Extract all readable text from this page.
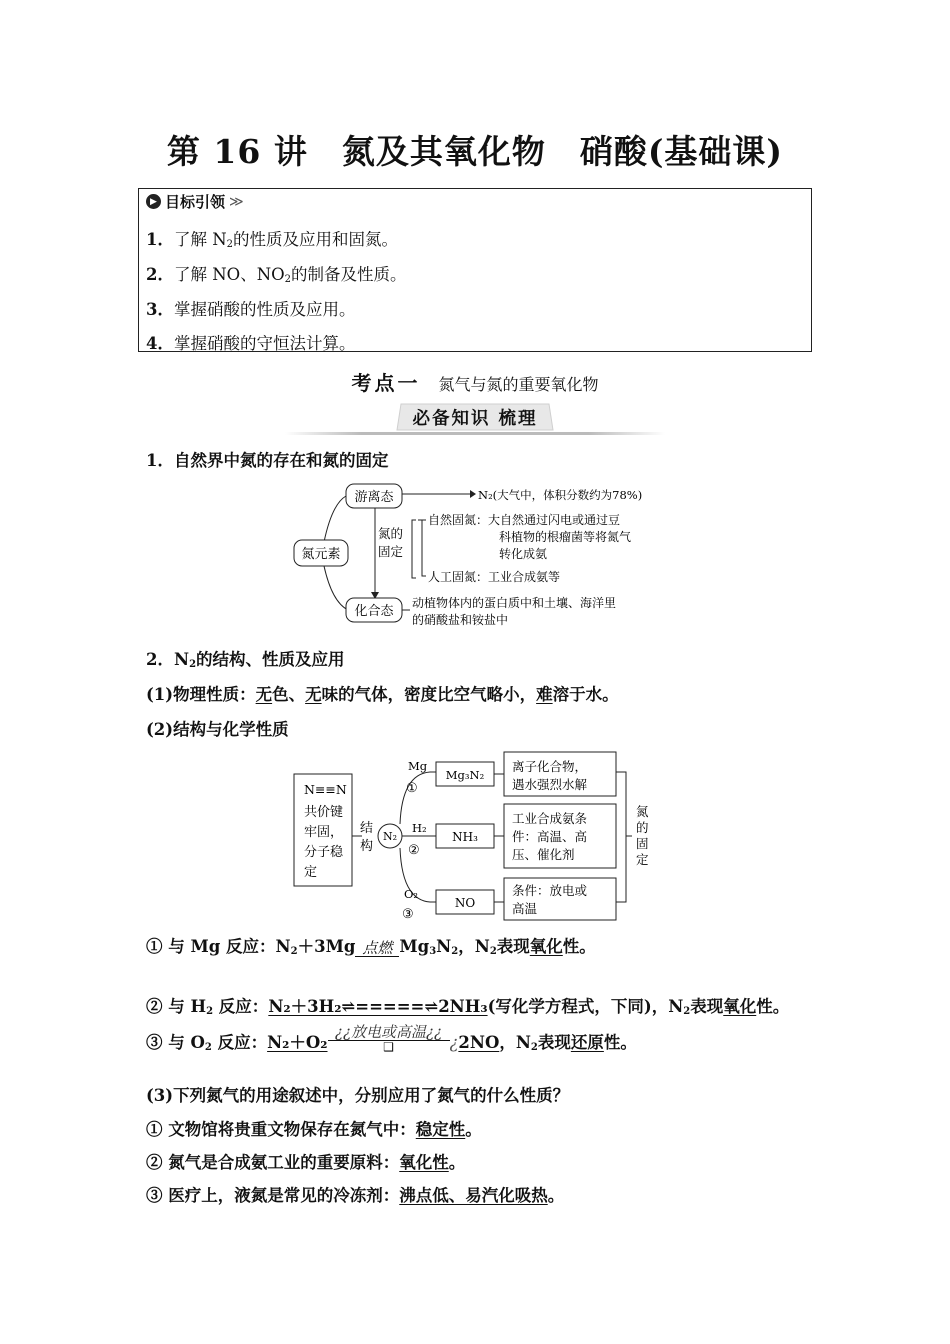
第 16 讲　氮及其氧化物　硝酸(基础课)
▶ 目标引领 ≫
1．了解 $N_2$的性质及应用和固氮。
2．了解 NO、$NO_2$的制备及性质。
3．掌握硝酸的性质及应用。
4．掌握硝酸的守恒法计算。
考点一 氮气与氮的重要氧化物
必备知识 梳理
1．自然界中氮的存在和氮的固定
氮元素
游离态	N₂(大气中，体积分数约为78%)
氮的
固定
自然固氮：大自然通过闪电或通过豆
科植物的根瘤菌等将氮气
转化成氨
人工固氮：工业合成氨等
化合态
动植物体内的蛋白质中和土壤、海洋里
的硝酸盐和铵盐中
2．$N_2$的结构、性质及应用
(1)物理性质：无色、无味的气体，密度比空气略小，难溶于水。
(2)结构与化学性质
N₂
N≡≡N
共价键
牢固，
分子稳
定
结
构
Mg
①
Mg₃N₂
离子化合物，
遇水强烈水解
H₂
②
NH₃
工业合成氨条
件：高温、高
压、催化剂
O₂
③
NO
条件：放电或
高温
氮
的
固
定
① 与 Mg 反应：$N_2+3Mg$ 点燃 $Mg_3N_2$，$N_2$表现氧化性。
② 与 $H_2$ 反应：N₂＋3H₂⇌=====⇌2NH₃(写化学方程式，下同)，$N_2$表现氧化性。
③ 与 $O_2$ 反应：N₂＋O₂
¿¿放电或高温¿¿
❑	¿2NO，$N_2$表现还原性。
(3)下列氮气的用途叙述中，分别应用了氮气的什么性质？
① 文物馆将贵重文物保存在氮气中：稳定性。
② 氮气是合成氨工业的重要原料：氧化性。
③ 医疗上，液氮是常见的冷冻剂：沸点低、易汽化吸热。
